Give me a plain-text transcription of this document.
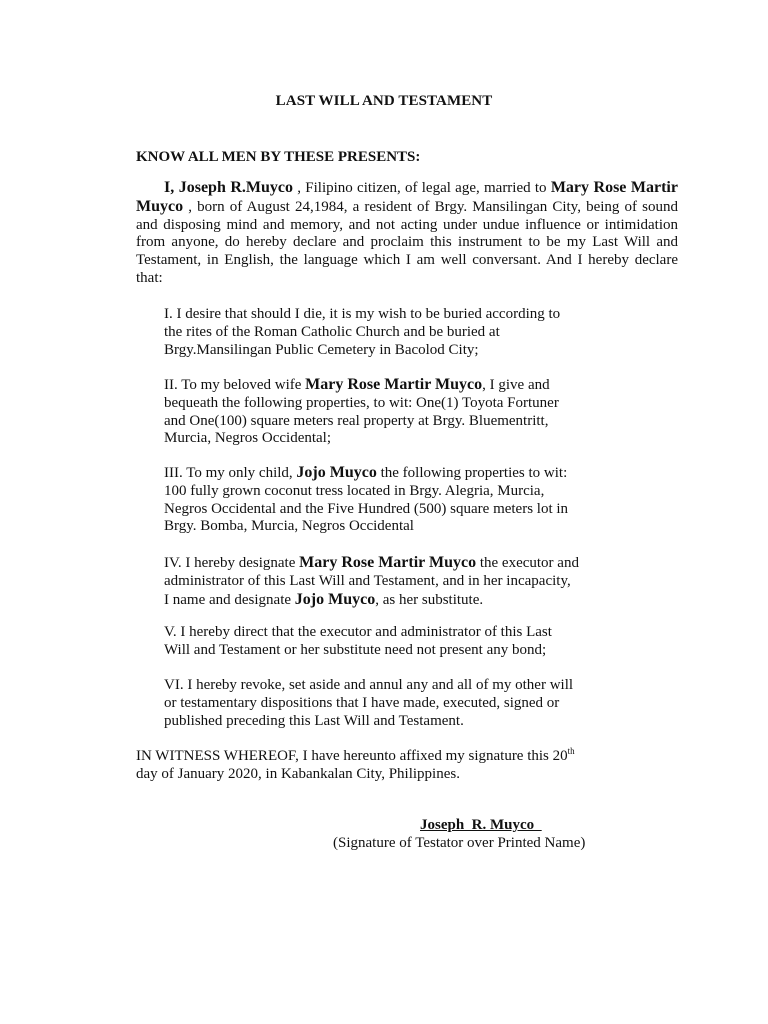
LAST WILL AND TESTAMENT
KNOW ALL MEN BY THESE PRESENTS:
I, Joseph R.Muyco , Filipino citizen, of legal age, married to Mary Rose Martir Muyco , born of August 24,1984, a resident of Brgy. Mansilingan City, being of sound and disposing mind and memory, and not acting under undue influence or intimidation from anyone, do hereby declare and proclaim this instrument to be my Last Will and Testament, in English, the language which I am well conversant. And I hereby declare that:
I. I desire that should I die, it is my wish to be buried according to
the rites of the Roman Catholic Church and be buried at
Brgy.Mansilingan Public Cemetery in Bacolod City;
II. To my beloved wife Mary Rose Martir Muyco, I give and
bequeath the following properties, to wit: One(1) Toyota Fortuner
and One(100) square meters real property at Brgy. Bluementritt,
Murcia, Negros Occidental;
III. To my only child, Jojo Muyco the following properties to wit:
100 fully grown coconut tress located in Brgy. Alegria, Murcia,
Negros Occidental and the Five Hundred (500) square meters lot in
Brgy. Bomba, Murcia, Negros Occidental
IV. I hereby designate Mary Rose Martir Muyco the executor and
administrator of this Last Will and Testament, and in her incapacity,
I name and designate Jojo Muyco, as her substitute.
V. I hereby direct that the executor and administrator of this Last
Will and Testament or her substitute need not present any bond;
VI. I hereby revoke, set aside and annul any and all of my other will
or testamentary dispositions that I have made, executed, signed or
published preceding this Last Will and Testament.
IN WITNESS WHEREOF, I have hereunto affixed my signature this 20th
day of January 2020, in Kabankalan City, Philippines.
Joseph  R. Muyco
(Signature of Testator over Printed Name)
